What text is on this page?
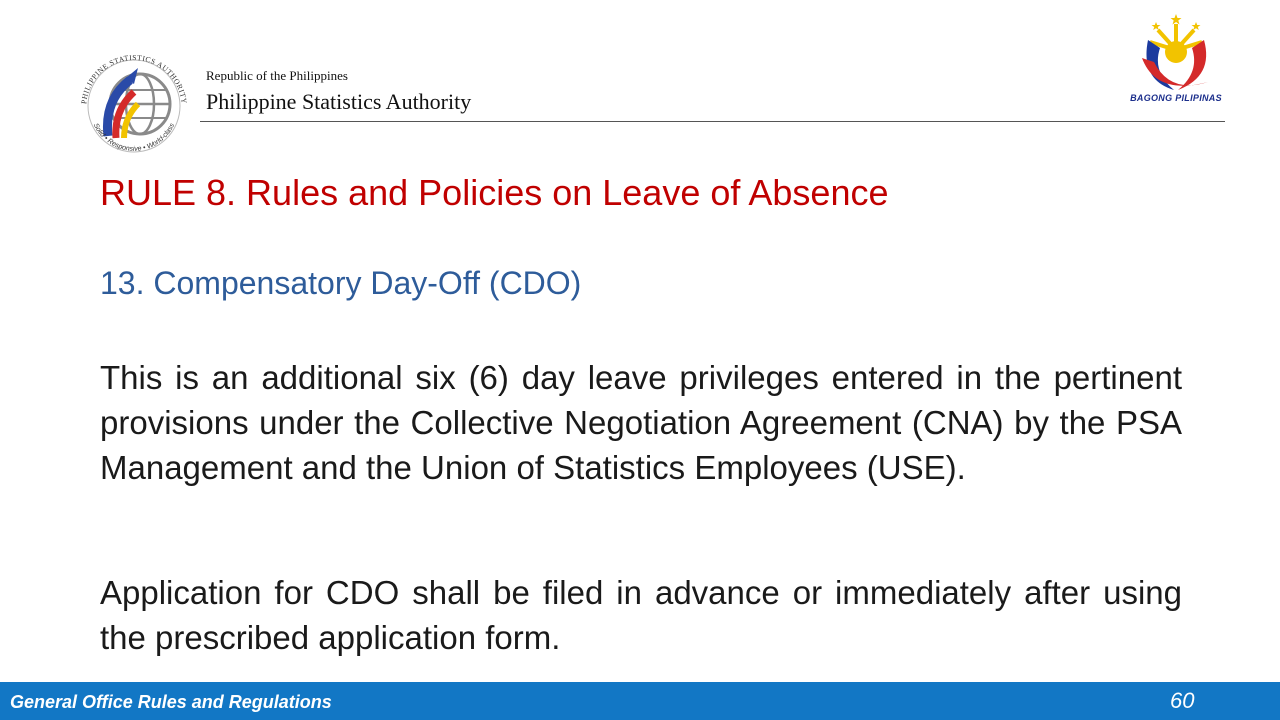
PHILIPPINE STATISTICS AUTHORITY
Solid • Responsive • World-class
Republic of the Philippines
Philippine Statistics Authority	BAGONG PILIPINAS
RULE 8. Rules and Policies on Leave of Absence
13. Compensatory Day-Off (CDO)
This is an additional six (6) day leave privileges entered in the pertinent provisions under the Collective Negotiation Agreement (CNA) by the PSA Management and the Union of Statistics Employees (USE).
Application for CDO shall be filed in advance or immediately after using the prescribed application form.
General Office Rules and Regulations	60
